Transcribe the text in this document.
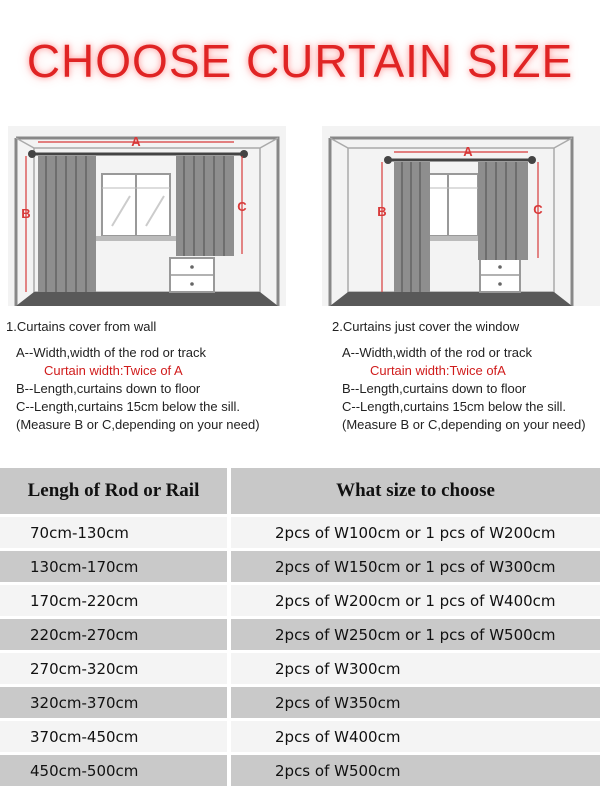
CHOOSE CURTAIN SIZE
A
B	C
A
B	C
1.Curtains cover from wall
A--Width,width of the rod or track
Curtain width:Twice of A
B--Length,curtains down to floor
C--Length,curtains 15cm below the sill.
(Measure B or C,depending on your need)
2.Curtains just cover the window
A--Width,width of the rod or track
Curtain width:Twice ofA
B--Length,curtains down to floor
C--Length,curtains 15cm below the sill.
(Measure B or C,depending on your need)
Lengh of Rod or Rail	What size to choose
70cm-130cm	2pcs of W100cm or 1 pcs of W200cm
130cm-170cm	2pcs of W150cm or 1 pcs of W300cm
170cm-220cm	2pcs of W200cm or 1 pcs of W400cm
220cm-270cm	2pcs of W250cm or 1 pcs of W500cm
270cm-320cm	2pcs of W300cm
320cm-370cm	2pcs of W350cm
370cm-450cm	2pcs of W400cm
450cm-500cm	2pcs of W500cm
